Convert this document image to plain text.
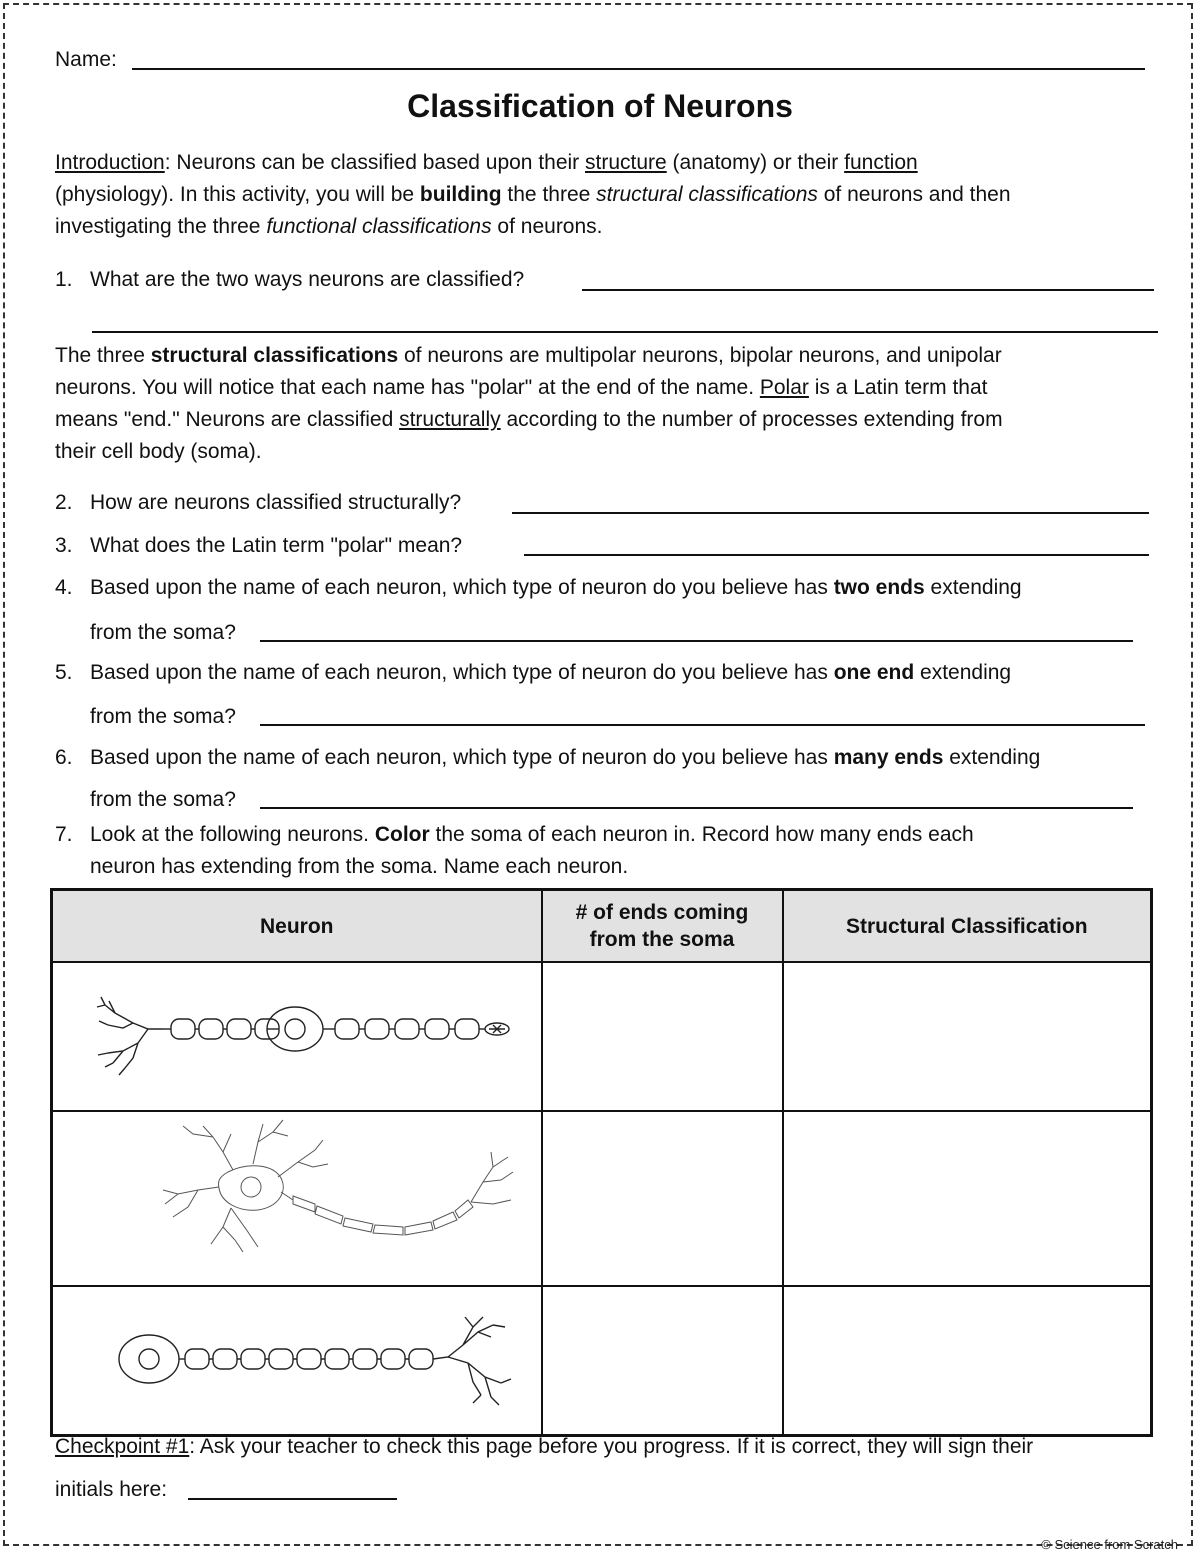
Name:
Classification of Neurons
Introduction: Neurons can be classified based upon their structure (anatomy) or their function
(physiology). In this activity, you will be building the three structural classifications of neurons and then
investigating the three functional classifications of neurons.
1. What are the two ways neurons are classified?
The three structural classifications of neurons are multipolar neurons, bipolar neurons, and unipolar
neurons. You will notice that each name has "polar" at the end of the name. Polar is a Latin term that
means "end." Neurons are classified structurally according to the number of processes extending from
their cell body (soma).
2. How are neurons classified structurally?
3. What does the Latin term "polar" mean?
4. Based upon the name of each neuron, which type of neuron do you believe has two ends extending
from the soma?
5. Based upon the name of each neuron, which type of neuron do you believe has one end extending
from the soma?
6. Based upon the name of each neuron, which type of neuron do you believe has many ends extending
from the soma?
7. Look at the following neurons. Color the soma of each neuron in. Record how many ends each
neuron has extending from the soma. Name each neuron.
Neuron	# of ends coming from the soma	Structural Classification

Checkpoint #1: Ask your teacher to check this page before you progress. If it is correct, they will sign their
initials here:
© Science from Scratch
